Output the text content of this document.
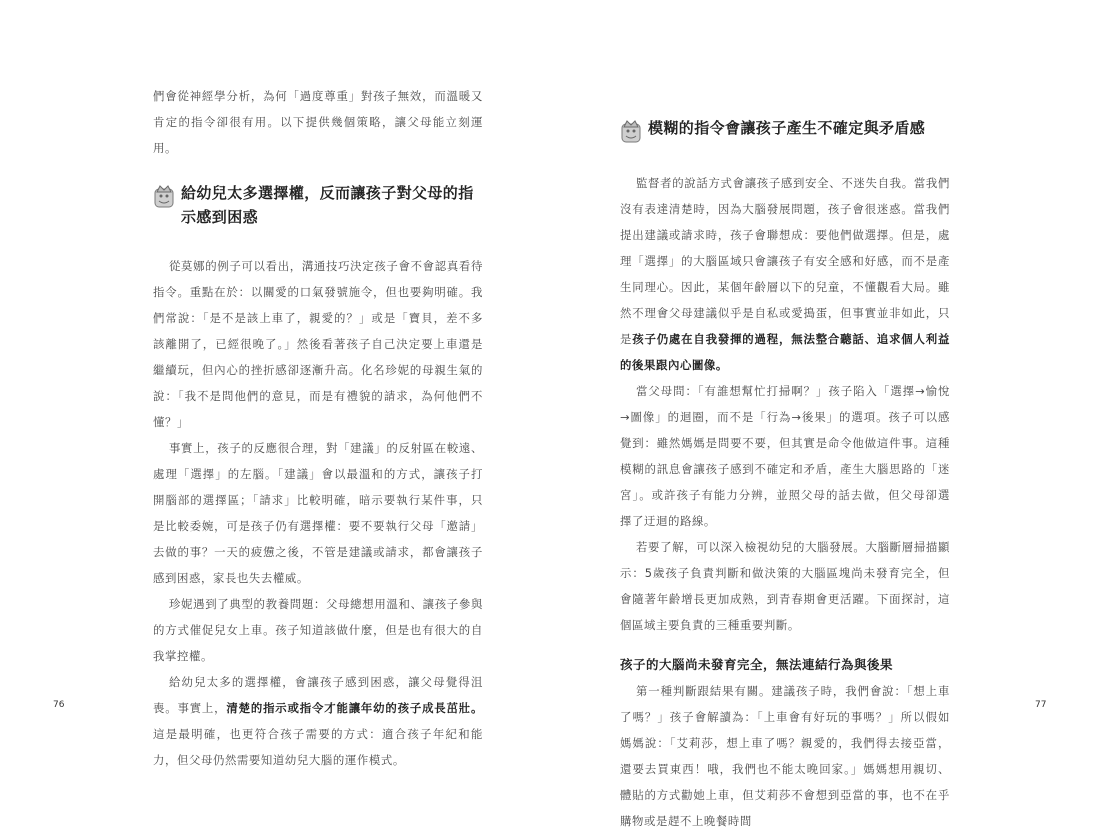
們會從神經學分析，為何「過度尊重」對孩子無效，而溫暖又肯定的指令卻很有用。以下提供幾個策略，讓父母能立刻運用。

給幼兒太多選擇權，反而讓孩子對父母的指示感到困惑

從莫娜的例子可以看出，溝通技巧決定孩子會不會認真看待指令。重點在於：以關愛的口氣發號施令，但也要夠明確。我們常說：「是不是該上車了，親愛的？」或是「寶貝，差不多該離開了，已經很晚了。」然後看著孩子自己決定要上車還是繼續玩，但內心的挫折感卻逐漸升高。化名珍妮的母親生氣的說：「我不是問他們的意見，而是有禮貌的請求，為何他們不懂？」

事實上，孩子的反應很合理，對「建議」的反射區在較遠、處理「選擇」的左腦。「建議」會以最溫和的方式，讓孩子打開腦部的選擇區；「請求」比較明確，暗示要執行某件事，只是比較委婉，可是孩子仍有選擇權：要不要執行父母「邀請」去做的事？一天的疲憊之後，不管是建議或請求，都會讓孩子感到困惑，家長也失去權威。

珍妮遇到了典型的教養問題：父母總想用溫和、讓孩子參與的方式催促兒女上車。孩子知道該做什麼，但是也有很大的自我掌控權。

給幼兒太多的選擇權，會讓孩子感到困惑，讓父母覺得沮喪。事實上，清楚的指示或指令才能讓年幼的孩子成長茁壯。這是最明確，也更符合孩子需要的方式：適合孩子年紀和能力，但父母仍然需要知道幼兒大腦的運作模式。

76
模糊的指令會讓孩子產生不確定與矛盾感

監督者的說話方式會讓孩子感到安全、不迷失自我。當我們沒有表達清楚時，因為大腦發展問題，孩子會很迷惑。當我們提出建議或請求時，孩子會聯想成：要他們做選擇。但是，處理「選擇」的大腦區域只會讓孩子有安全感和好感，而不是產生同理心。因此，某個年齡層以下的兒童，不懂觀看大局。雖然不理會父母建議似乎是自私或愛搗蛋，但事實並非如此，只是孩子仍處在自我發揮的過程，無法整合聽話、追求個人利益的後果跟內心圖像。

當父母問：「有誰想幫忙打掃啊？」孩子陷入「選擇→愉悅→圖像」的迴圈，而不是「行為→後果」的選項。孩子可以感覺到：雖然媽媽是問要不要，但其實是命令他做這件事。這種模糊的訊息會讓孩子感到不確定和矛盾，產生大腦思路的「迷宮」。或許孩子有能力分辨，並照父母的話去做，但父母卻選擇了迂迴的路線。

若要了解，可以深入檢視幼兒的大腦發展。大腦斷層掃描顯示：5歲孩子負責判斷和做決策的大腦區塊尚未發育完全，但會隨著年齡增長更加成熟，到青春期會更活躍。下面探討，這個區域主要負責的三種重要判斷。

孩子的大腦尚未發育完全，無法連結行為與後果

第一種判斷跟結果有關。建議孩子時，我們會說：「想上車了嗎？」孩子會解讀為：「上車會有好玩的事嗎？」所以假如媽媽說：「艾莉莎，想上車了嗎？親愛的，我們得去接亞當，還要去買東西！哦，我們也不能太晚回家。」媽媽想用親切、體貼的方式勸她上車，但艾莉莎不會想到亞當的事，也不在乎購物或是趕不上晚餐時間

77
